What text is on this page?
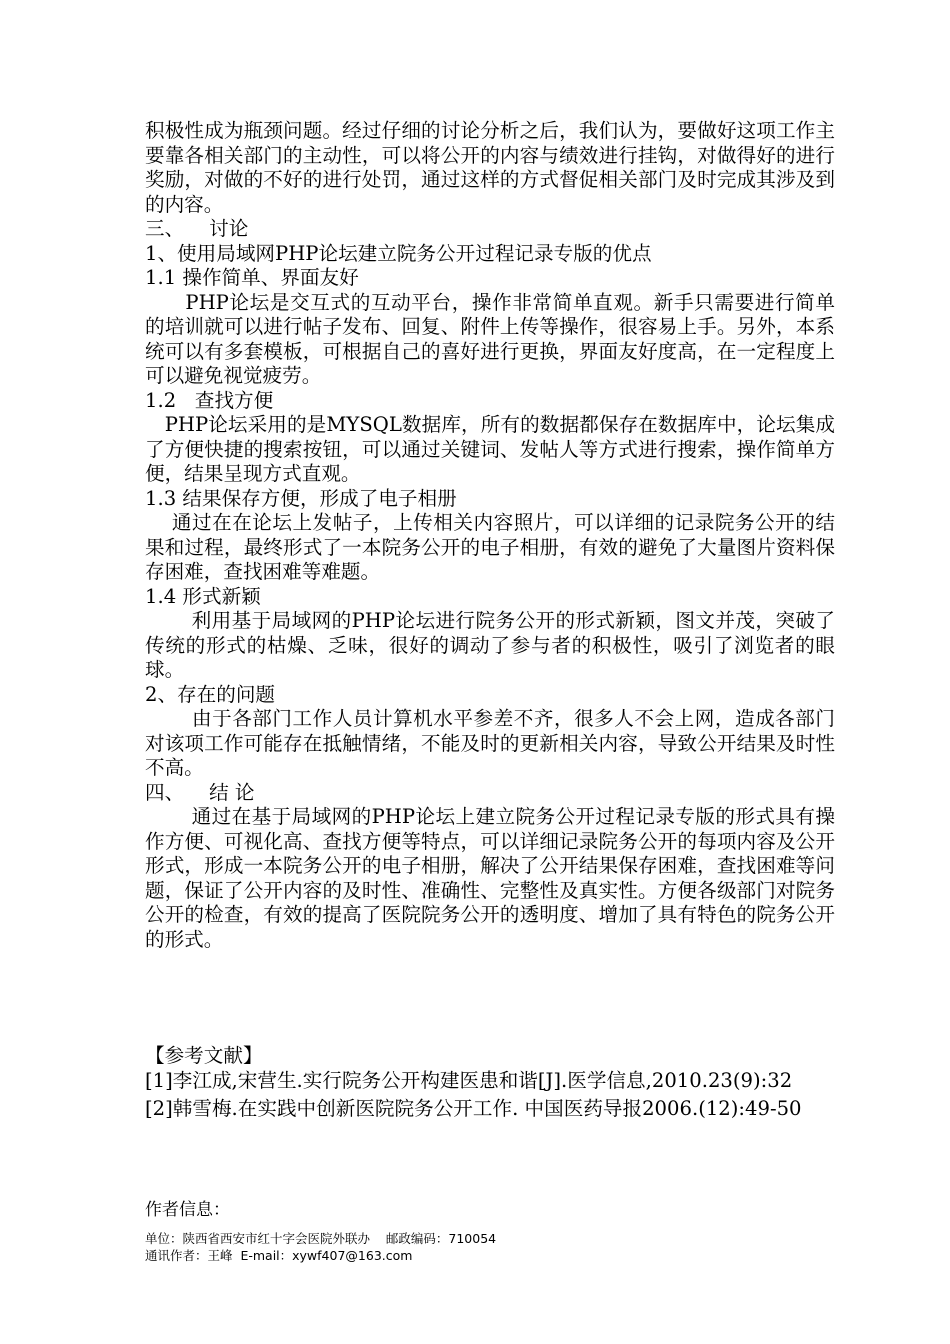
积极性成为瓶颈问题。经过仔细的讨论分析之后，我们认为，要做好这项工作主要靠各相关部门的主动性，可以将公开的内容与绩效进行挂钩，对做得好的进行奖励，对做的不好的进行处罚，通过这样的方式督促相关部门及时完成其涉及到的内容。
三、    讨论
1、使用局域网PHP论坛建立院务公开过程记录专版的优点
1.1 操作简单、界面友好
　　PHP论坛是交互式的互动平台，操作非常简单直观。新手只需要进行简单的培训就可以进行帖子发布、回复、附件上传等操作，很容易上手。另外，本系统可以有多套模板，可根据自己的喜好进行更换，界面友好度高，在一定程度上可以避免视觉疲劳。
1.2   查找方便
　PHP论坛采用的是MYSQL数据库，所有的数据都保存在数据库中，论坛集成了方便快捷的搜索按钮，可以通过关键词、发帖人等方式进行搜索，操作简单方便，结果呈现方式直观。
1.3 结果保存方便，形成了电子相册
　 通过在在论坛上发帖子，上传相关内容照片，可以详细的记录院务公开的结果和过程，最终形式了一本院务公开的电子相册，有效的避免了大量图片资料保存困难，查找困难等难题。
1.4 形式新颖
　　 利用基于局域网的PHP论坛进行院务公开的形式新颖，图文并茂，突破了传统的形式的枯燥、乏味，很好的调动了参与者的积极性，吸引了浏览者的眼球。
2、存在的问题
　　 由于各部门工作人员计算机水平参差不齐，很多人不会上网，造成各部门对该项工作可能存在抵触情绪，不能及时的更新相关内容，导致公开结果及时性不高。
四、    结 论
　　 通过在基于局域网的PHP论坛上建立院务公开过程记录专版的形式具有操作方便、可视化高、查找方便等特点，可以详细记录院务公开的每项内容及公开形式，形成一本院务公开的电子相册，解决了公开结果保存困难，查找困难等问题，保证了公开内容的及时性、准确性、完整性及真实性。方便各级部门对院务公开的检查，有效的提高了医院院务公开的透明度、增加了具有特色的院务公开的形式。
【参考文献】
[1]李江成,宋营生.实行院务公开构建医患和谐[J].医学信息,2010.23(9):32
[2]韩雪梅.在实践中创新医院院务公开工作. 中国医药导报2006.(12):49-50
作者信息：
单位：陕西省西安市红十字会医院外联办    邮政编码：710054
通讯作者：王峰  E-mail：xywf407@163.com
